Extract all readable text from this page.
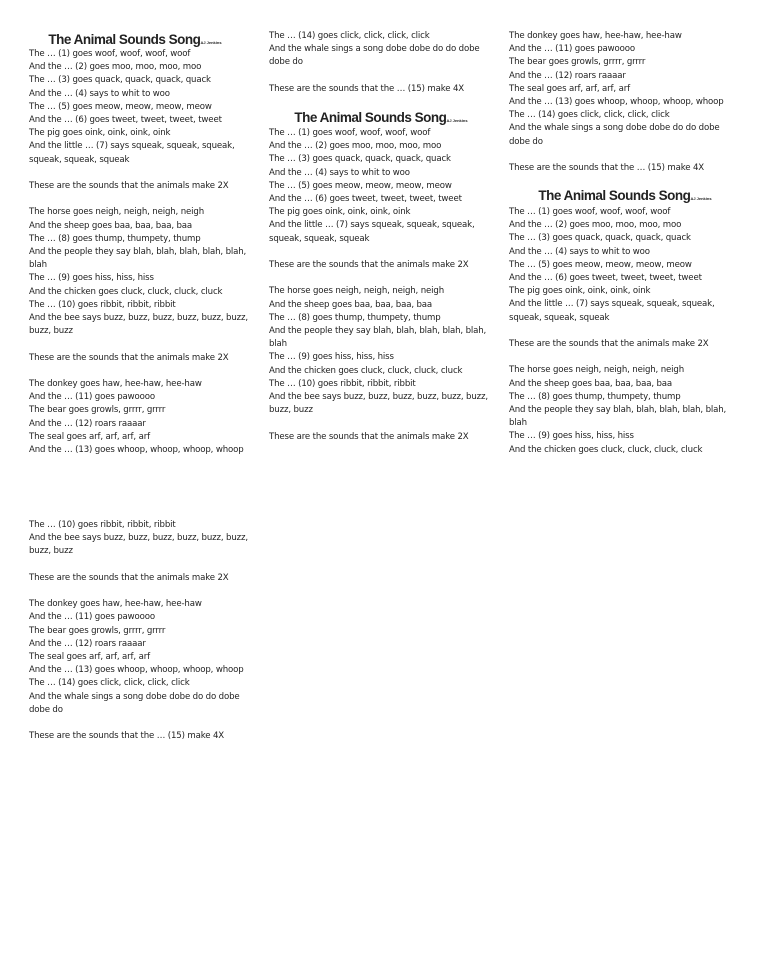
The Animal Sounds SongAJ Jenkins
The … (1) goes woof, woof, woof, woof
And the … (2) goes moo, moo, moo, moo
The … (3) goes quack, quack, quack, quack
And the … (4) says to whit to woo
The … (5) goes meow, meow, meow, meow
And the … (6) goes tweet, tweet, tweet, tweet
The pig goes oink, oink, oink, oink
And the little … (7) says squeak, squeak, squeak,
squeak, squeak, squeak
These are the sounds that the animals make 2X
The horse goes neigh, neigh, neigh, neigh
And the sheep goes baa, baa, baa, baa
The … (8) goes thump, thumpety, thump
And the people they say blah, blah, blah, blah, blah,
blah
The … (9) goes hiss, hiss, hiss
And the chicken goes cluck, cluck, cluck, cluck
The … (10) goes ribbit, ribbit, ribbit
And the bee says buzz, buzz, buzz, buzz, buzz, buzz,
buzz, buzz
These are the sounds that the animals make 2X
The donkey goes haw, hee-haw, hee-haw
And the … (11) goes pawoooo
The bear goes growls, grrrr, grrrr
And the … (12) roars raaaar
The seal goes arf, arf, arf, arf
And the … (13) goes whoop, whoop, whoop, whoop
The … (10) goes ribbit, ribbit, ribbit
And the bee says buzz, buzz, buzz, buzz, buzz, buzz,
buzz, buzz
These are the sounds that the animals make 2X
The donkey goes haw, hee-haw, hee-haw
And the … (11) goes pawoooo
The bear goes growls, grrrr, grrrr
And the … (12) roars raaaar
The seal goes arf, arf, arf, arf
And the … (13) goes whoop, whoop, whoop, whoop
The … (14) goes click, click, click, click
And the whale sings a song dobe dobe do do dobe
dobe do
These are the sounds that the … (15) make 4X
The … (14) goes click, click, click, click
And the whale sings a song dobe dobe do do dobe
dobe do
These are the sounds that the … (15) make 4X
The Animal Sounds SongAJ Jenkins
The … (1) goes woof, woof, woof, woof
And the … (2) goes moo, moo, moo, moo
The … (3) goes quack, quack, quack, quack
And the … (4) says to whit to woo
The … (5) goes meow, meow, meow, meow
And the … (6) goes tweet, tweet, tweet, tweet
The pig goes oink, oink, oink, oink
And the little … (7) says squeak, squeak, squeak,
squeak, squeak, squeak
These are the sounds that the animals make 2X
The horse goes neigh, neigh, neigh, neigh
And the sheep goes baa, baa, baa, baa
The … (8) goes thump, thumpety, thump
And the people they say blah, blah, blah, blah, blah,
blah
The … (9) goes hiss, hiss, hiss
And the chicken goes cluck, cluck, cluck, cluck
The … (10) goes ribbit, ribbit, ribbit
And the bee says buzz, buzz, buzz, buzz, buzz, buzz,
buzz, buzz
These are the sounds that the animals make 2X
The donkey goes haw, hee-haw, hee-haw
And the … (11) goes pawoooo
The bear goes growls, grrrr, grrrr
And the … (12) roars raaaar
The seal goes arf, arf, arf, arf
And the … (13) goes whoop, whoop, whoop, whoop
The … (14) goes click, click, click, click
And the whale sings a song dobe dobe do do dobe
dobe do
These are the sounds that the … (15) make 4X
The Animal Sounds SongAJ Jenkins
The … (1) goes woof, woof, woof, woof
And the … (2) goes moo, moo, moo, moo
The … (3) goes quack, quack, quack, quack
And the … (4) says to whit to woo
The … (5) goes meow, meow, meow, meow
And the … (6) goes tweet, tweet, tweet, tweet
The pig goes oink, oink, oink, oink
And the little … (7) says squeak, squeak, squeak,
squeak, squeak, squeak
These are the sounds that the animals make 2X
The horse goes neigh, neigh, neigh, neigh
And the sheep goes baa, baa, baa, baa
The … (8) goes thump, thumpety, thump
And the people they say blah, blah, blah, blah, blah,
blah
The … (9) goes hiss, hiss, hiss
And the chicken goes cluck, cluck, cluck, cluck
